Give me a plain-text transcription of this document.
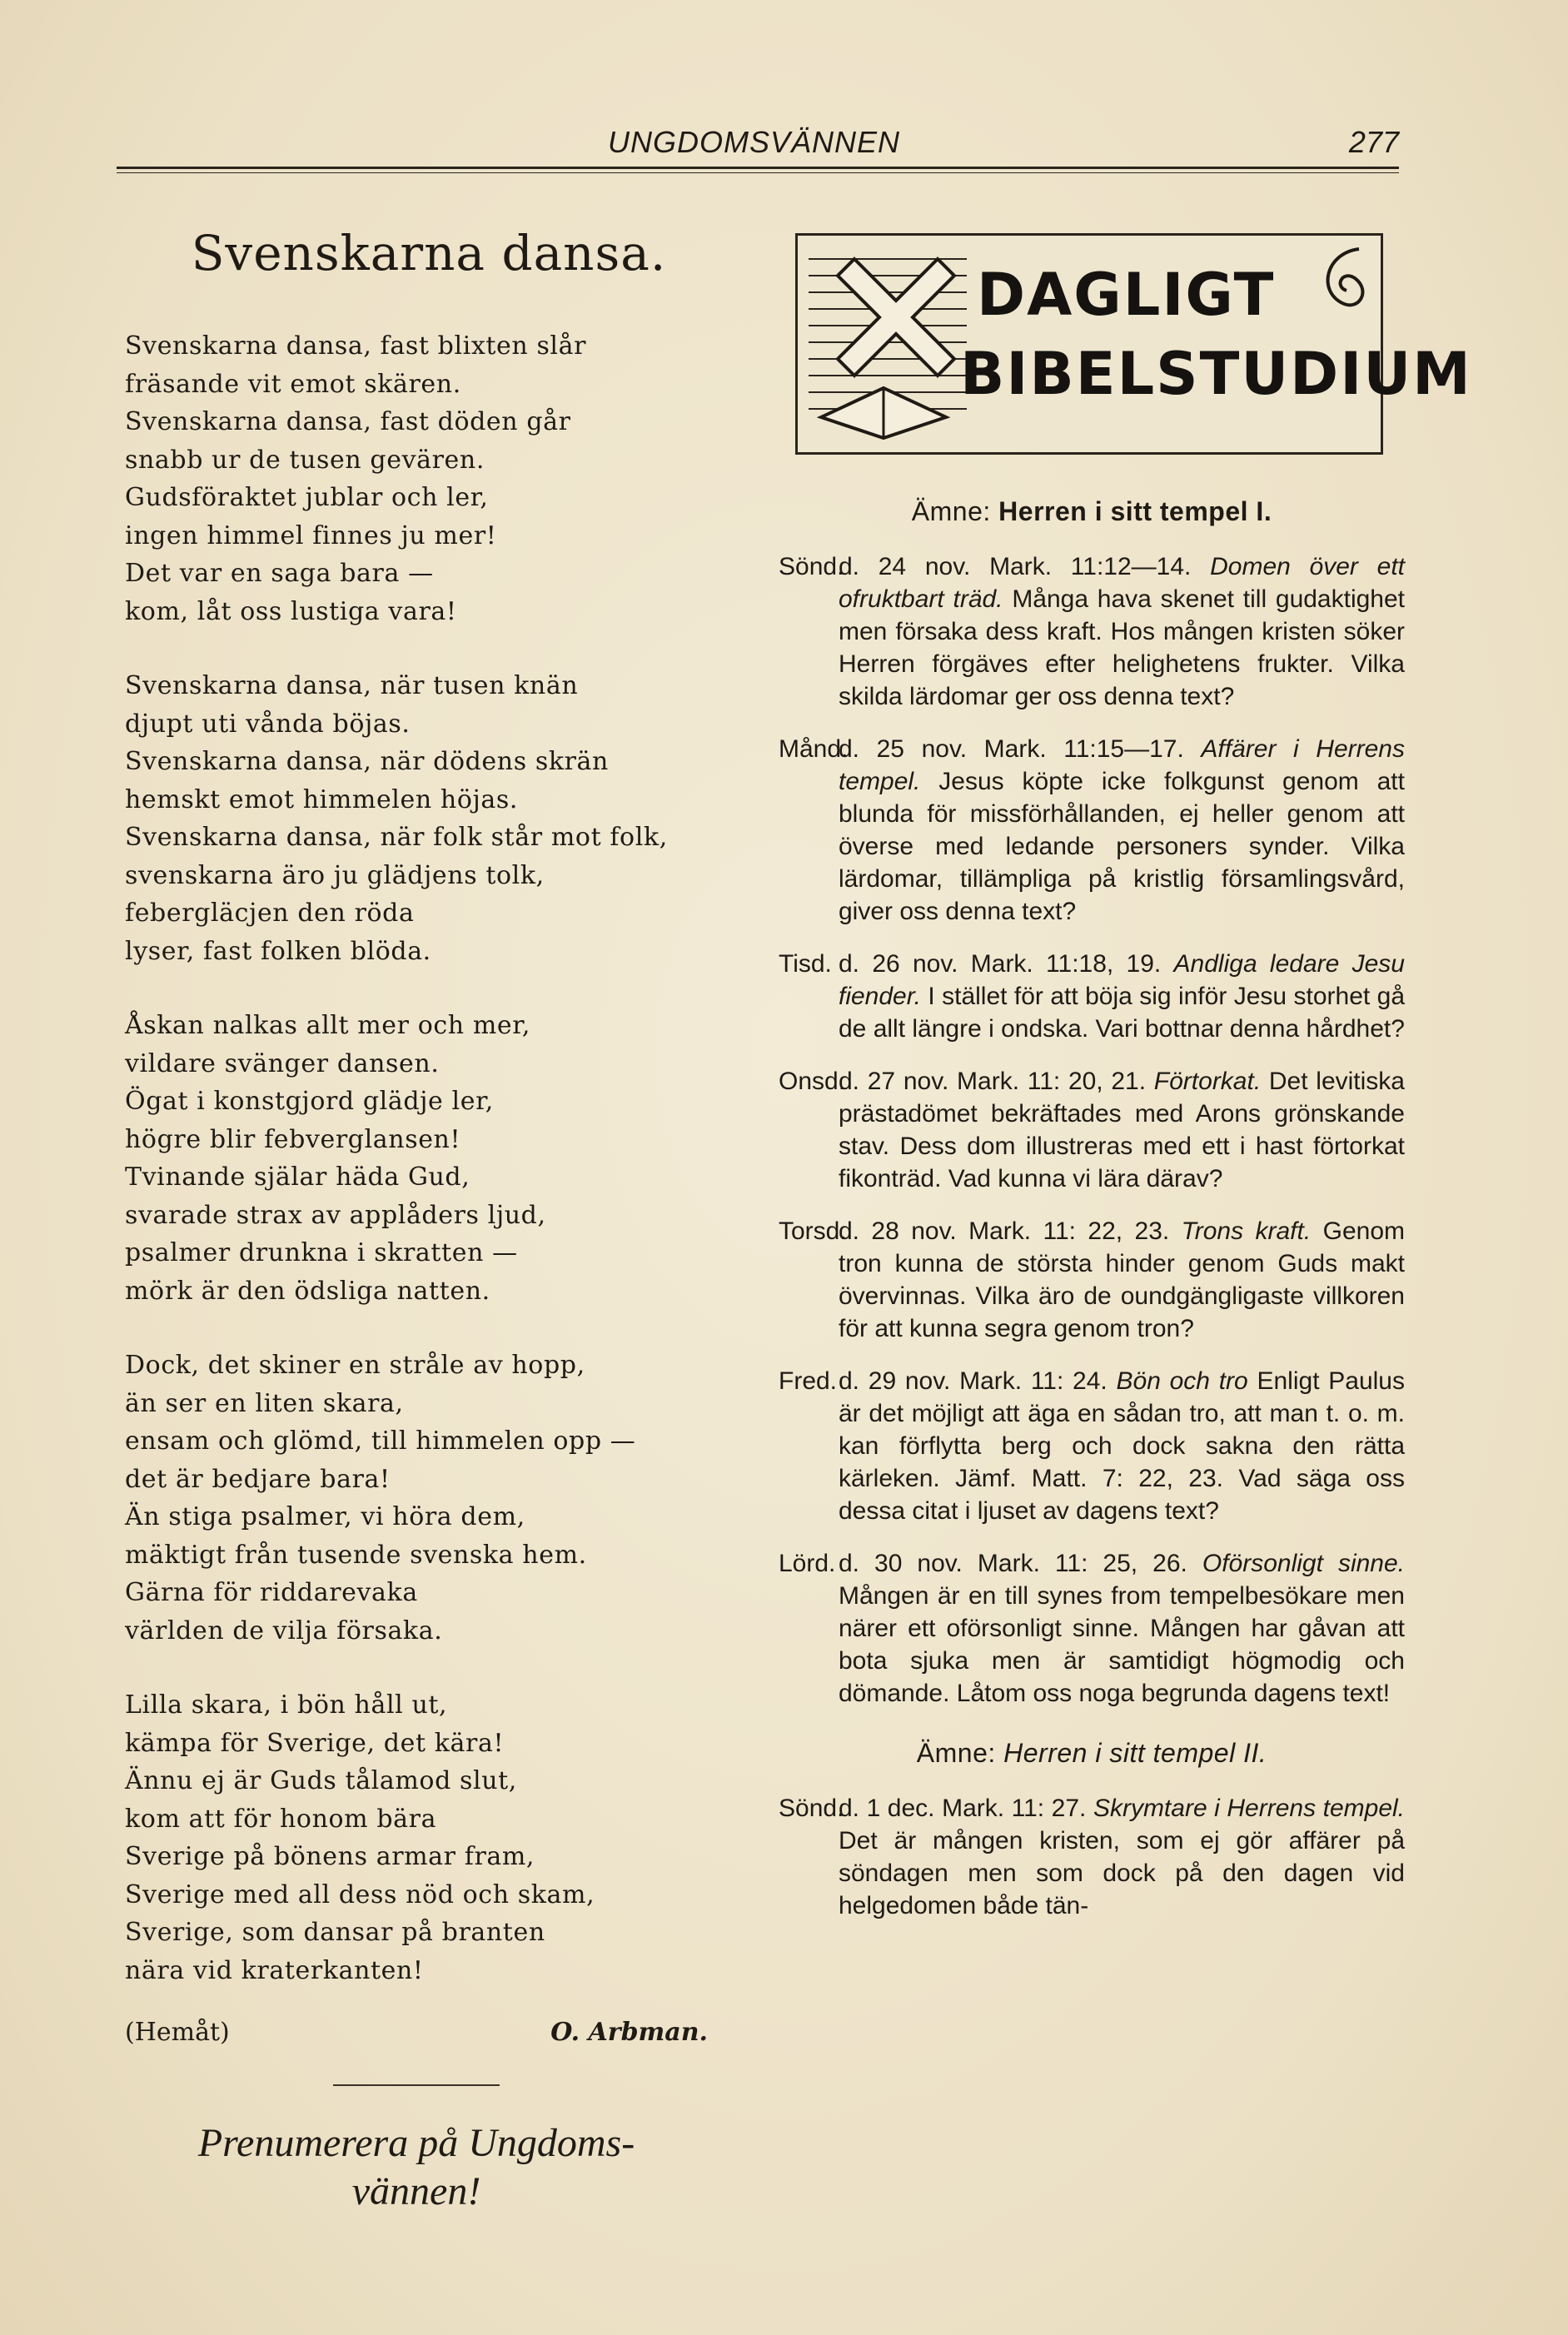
UNGDOMSVÄNNEN	277
Svenskarna dansa.
Svenskarna dansa, fast blixten slår
fräsande vit emot skären.
Svenskarna dansa, fast döden går
snabb ur de tusen gevären.
Gudsföraktet jublar och ler,
ingen himmel finnes ju mer!
Det var en saga bara —
kom, låt oss lustiga vara!
Svenskarna dansa, när tusen knän
djupt uti vånda böjas.
Svenskarna dansa, när dödens skrän
hemskt emot himmelen höjas.
Svenskarna dansa, när folk står mot folk,
svenskarna äro ju glädjens tolk,
febergläcjen den röda
lyser, fast folken blöda.
Åskan nalkas allt mer och mer,
vildare svänger dansen.
Ögat i konstgjord glädje ler,
högre blir febverglansen!
Tvinande själar häda Gud,
svarade strax av applåders ljud,
psalmer drunkna i skratten —
mörk är den ödsliga natten.
Dock, det skiner en stråle av hopp,
än ser en liten skara,
ensam och glömd, till himmelen opp —
det är bedjare bara!
Än stiga psalmer, vi höra dem,
mäktigt från tusende svenska hem.
Gärna för riddarevaka
världen de vilja försaka.
Lilla skara, i bön håll ut,
kämpa för Sverige, det kära!
Ännu ej är Guds tålamod slut,
kom att för honom bära
Sverige på bönens armar fram,
Sverige med all dess nöd och skam,
Sverige, som dansar på branten
nära vid kraterkanten!
(Hemåt)	O. Arbman.
Prenumerera på Ungdoms-
vännen!
DAGLIGT
BIBELSTUDIUM
Ämne: Herren i sitt tempel I.
Sönd.
d. 24 nov. Mark. 11:12—14. Domen över ett ofruktbart träd. Många hava skenet till gudaktighet men försaka dess kraft. Hos mången kristen söker Herren förgäves efter helighetens frukter. Vilka skilda lärdomar ger oss denna text?
Månd.
d. 25 nov. Mark. 11:15—17. Affärer i Herrens tempel. Jesus köpte icke folkgunst genom att blunda för missförhållanden, ej heller genom att överse med ledande personers synder. Vilka lärdomar, tillämpliga på kristlig församlingsvård, giver oss denna text?
Tisd. d. 26 nov. Mark. 11:18, 19. Andliga ledare Jesu fiender. I stället för att böja sig inför Jesu storhet gå de allt längre i ondska. Vari bottnar denna hårdhet?
Onsd.
d. 27 nov. Mark. 11: 20, 21. Förtorkat. Det levitiska prästadömet bekräftades med Arons grönskande stav. Dess dom illustreras med ett i hast förtorkat fikonträd. Vad kunna vi lära därav?
Torsd.
d. 28 nov. Mark. 11: 22, 23. Trons kraft. Genom tron kunna de största hinder genom Guds makt övervinnas. Vilka äro de oundgängligaste villkoren för att kunna segra genom tron?
Fred. d. 29 nov. Mark. 11: 24. Bön och tro Enligt Paulus är det möjligt att äga en sådan tro, att man t. o. m. kan förflytta berg och dock sakna den rätta kärleken. Jämf. Matt. 7: 22, 23. Vad säga oss dessa citat i ljuset av dagens text?
Lörd. d. 30 nov. Mark. 11: 25, 26. Oförsonligt sinne. Mången är en till synes from tempelbesökare men närer ett oförsonligt sinne. Mången har gåvan att bota sjuka men är samtidigt högmodig och dömande. Låtom oss noga begrunda dagens text!
Ämne: Herren i sitt tempel II.
Sönd.
d. 1 dec. Mark. 11: 27. Skrymtare i Herrens tempel. Det är mången kristen, som ej gör affärer på söndagen men som dock på den dagen vid helgedomen både tän-
